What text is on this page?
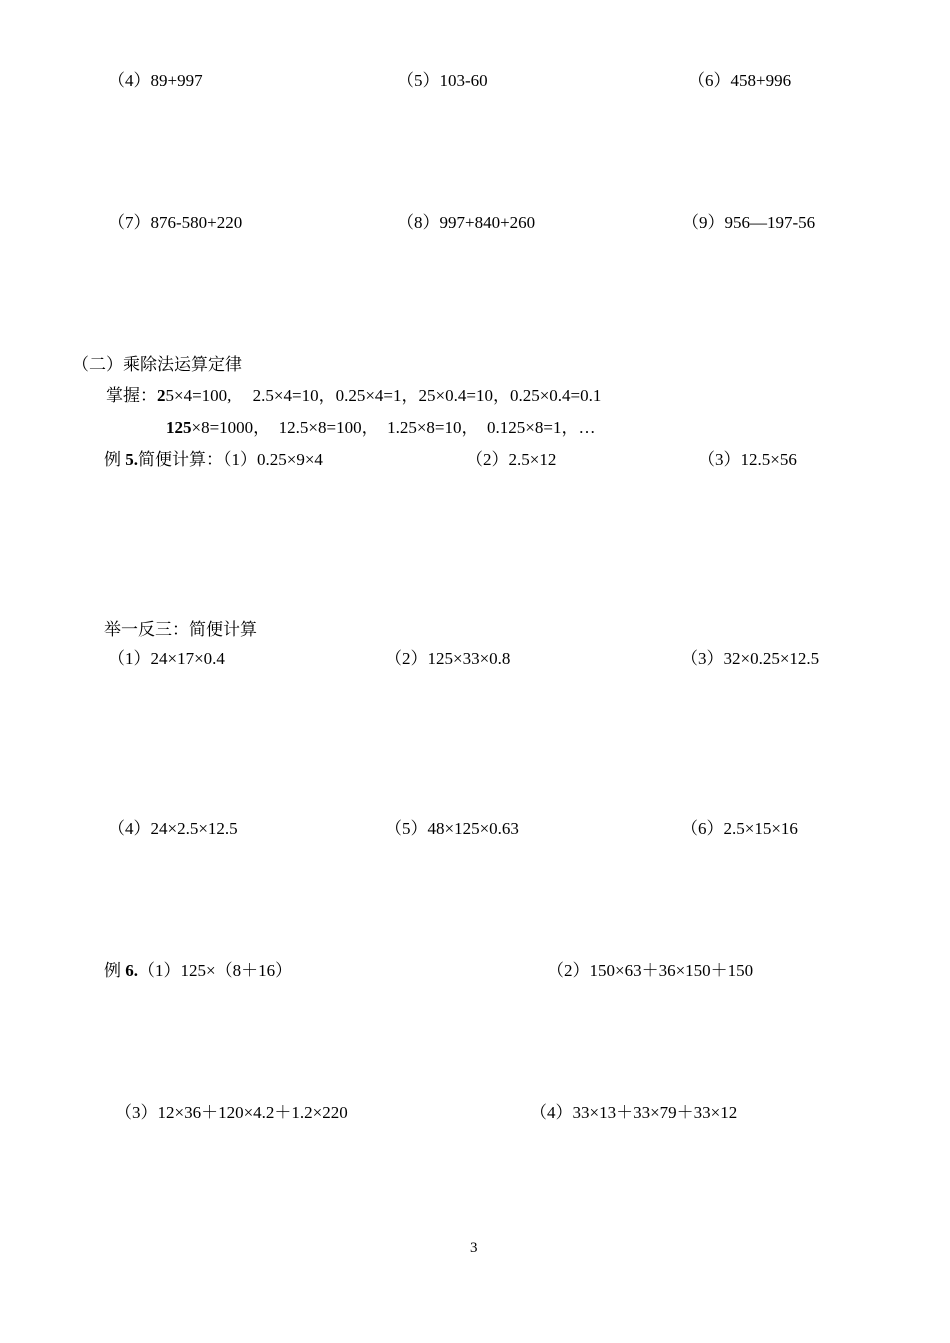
（4）89+997	（5）103-60	（6）458+996
（7）876-580+220	（8）997+840+260	（9）956—197-56
（二）乘除法运算定律
掌握：25×4=100,　 2.5×4=10，0.25×4=1，25×0.4=10，0.25×0.4=0.1
125×8=1000，　12.5×8=100，　1.25×8=10，　0.125×8=1，…
例 5.简便计算：（1）0.25×9×4	（2）2.5×12	（3）12.5×56
举一反三：简便计算
（1）24×17×0.4	（2）125×33×0.8	（3）32×0.25×12.5
（4）24×2.5×12.5	（5）48×125×0.63	（6）2.5×15×16
例 6.（1）125×（8＋16）	（2）150×63＋36×150＋150
（3）12×36＋120×4.2＋1.2×220	（4）33×13＋33×79＋33×12
3
